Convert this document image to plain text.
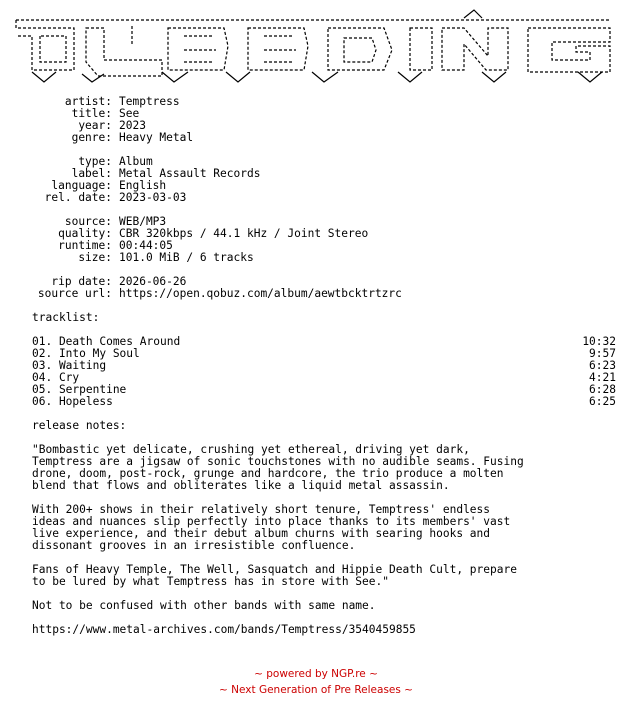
artist: Temptress
title: See
year: 2023
genre: Heavy Metal
type: Album
label: Metal Assault Records
language: English
rel. date: 2023-03-03
source: WEB/MP3
quality: CBR 320kbps / 44.1 kHz / Joint Stereo
runtime: 00:44:05
size: 101.0 MiB / 6 tracks
rip date: 2026-06-26
source url: https://open.qobuz.com/album/aewtbcktrtzrc
tracklist:
01. Death Comes Around	10:32
02. Into My Soul	9:57
03. Waiting	6:23
04. Cry	4:21
05. Serpentine	6:28
06. Hopeless	6:25
release notes:
"Bombastic yet delicate, crushing yet ethereal, driving yet dark,
Temptress are a jigsaw of sonic touchstones with no audible seams. Fusing
drone, doom, post-rock, grunge and hardcore, the trio produce a molten
blend that flows and obliterates like a liquid metal assassin.
With 200+ shows in their relatively short tenure, Temptress' endless
ideas and nuances slip perfectly into place thanks to its members' vast
live experience, and their debut album churns with searing hooks and
dissonant grooves in an irresistible confluence.
Fans of Heavy Temple, The Well, Sasquatch and Hippie Death Cult, prepare
to be lured by what Temptress has in store with See."
Not to be confused with other bands with same name.
https://www.metal-archives.com/bands/Temptress/3540459855
~ powered by NGP.re ~
~ Next Generation of Pre Releases ~
